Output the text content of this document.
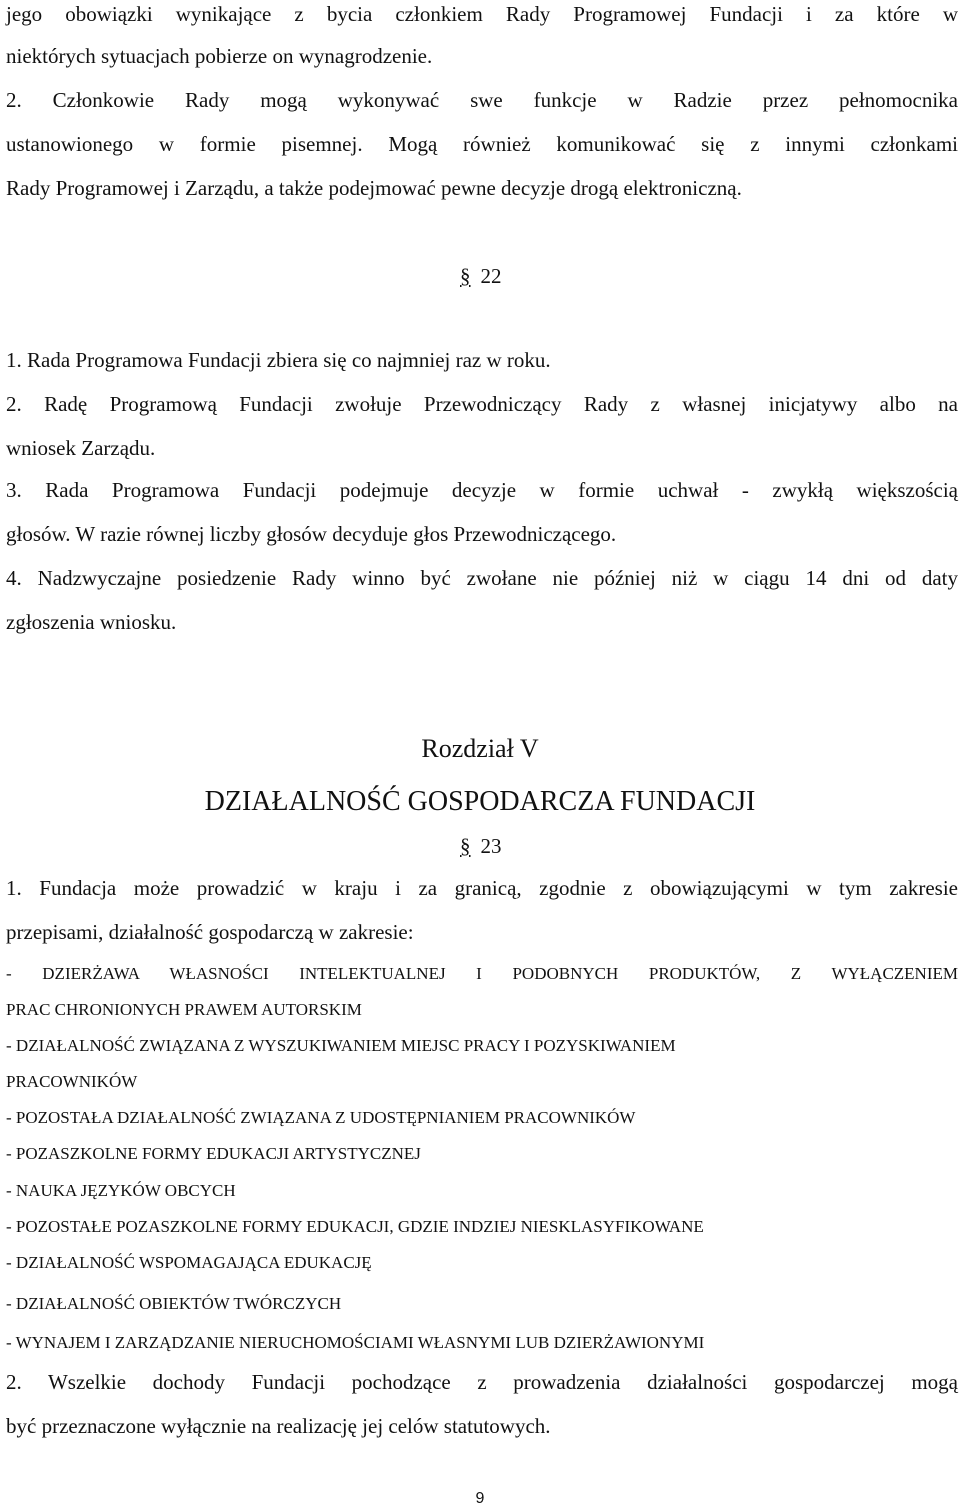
jego obowiązki wynikające z bycia członkiem Rady Programowej Fundacji i za które w

niektórych sytuacjach pobierze on wynagrodzenie.

2. Członkowie Rady mogą wykonywać swe funkcje w Radzie przez pełnomocnika

ustanowionego w formie pisemnej. Mogą również komunikować się z innymi członkami

Rady Programowej i Zarządu, a także podejmować pewne decyzje drogą elektroniczną.

§ 22

1. Rada Programowa Fundacji zbiera się co najmniej raz w roku.

2. Radę Programową Fundacji zwołuje Przewodniczący Rady z własnej inicjatywy albo na

wniosek Zarządu.

3. Rada Programowa Fundacji podejmuje decyzje w formie uchwał - zwykłą większością

głosów. W razie równej liczby głosów decyduje głos Przewodniczącego.

4. Nadzwyczajne posiedzenie Rady winno być zwołane nie później niż w ciągu 14 dni od daty

zgłoszenia wniosku.

Rozdział V

DZIAŁALNOŚĆ GOSPODARCZA FUNDACJI

§ 23

1. Fundacja może prowadzić w kraju i za granicą, zgodnie z obowiązującymi w tym zakresie

przepisami, działalność gospodarczą w zakresie:

- DZIERŻAWA WŁASNOŚCI INTELEKTUALNEJ I PODOBNYCH PRODUKTÓW, Z WYŁĄCZENIEM

PRAC CHRONIONYCH PRAWEM AUTORSKIM

- DZIAŁALNOŚĆ ZWIĄZANA Z WYSZUKIWANIEM MIEJSC PRACY I POZYSKIWANIEM

PRACOWNIKÓW

- POZOSTAŁA DZIAŁALNOŚĆ ZWIĄZANA Z UDOSTĘPNIANIEM PRACOWNIKÓW

- POZASZKOLNE FORMY EDUKACJI ARTYSTYCZNEJ

- NAUKA JĘZYKÓW OBCYCH

- POZOSTAŁE POZASZKOLNE FORMY EDUKACJI, GDZIE INDZIEJ NIESKLASYFIKOWANE

- DZIAŁALNOŚĆ WSPOMAGAJĄCA EDUKACJĘ

- DZIAŁALNOŚĆ OBIEKTÓW TWÓRCZYCH

- WYNAJEM I ZARZĄDZANIE NIERUCHOMOŚCIAMI WŁASNYMI LUB DZIERŻAWIONYMI

2. Wszelkie dochody Fundacji pochodzące z prowadzenia działalności gospodarczej mogą

być przeznaczone wyłącznie na realizację jej celów statutowych.

9
